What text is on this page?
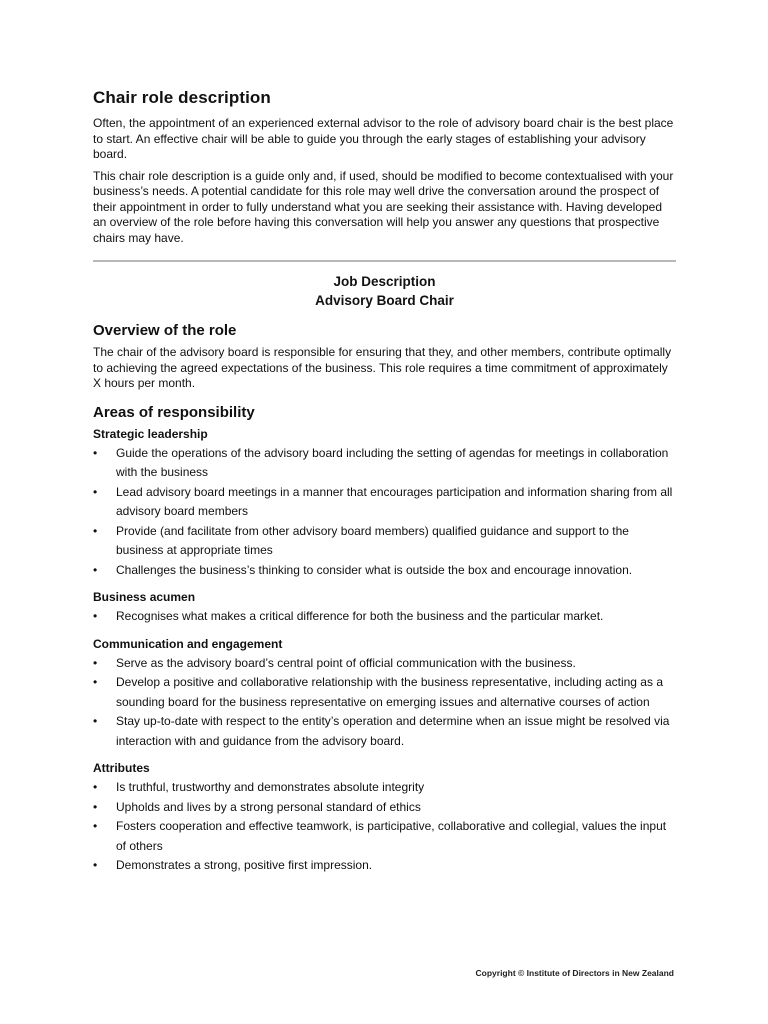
Chair role description

Often, the appointment of an experienced external advisor to the role of advisory board chair is the best place to start. An effective chair will be able to guide you through the early stages of establishing your advisory board.

This chair role description is a guide only and, if used, should be modified to become contextualised with your business’s needs. A potential candidate for this role may well drive the conversation around the prospect of their appointment in order to fully understand what you are seeking their assistance with. Having developed an overview of the role before having this conversation will help you answer any questions that prospective chairs may have.

Job Description
Advisory Board Chair
Overview of the role

The chair of the advisory board is responsible for ensuring that they, and other members, contribute optimally to achieving the agreed expectations of the business. This role requires a time commitment of approximately X hours per month.

Areas of responsibility
Strategic leadership
• Guide the operations of the advisory board including the setting of agendas for meetings in collaboration with the business
• Lead advisory board meetings in a manner that encourages participation and information sharing from all advisory board members
• Provide (and facilitate from other advisory board members) qualified guidance and support to the business at appropriate times
• Challenges the business’s thinking to consider what is outside the box and encourage innovation.
Business acumen
• Recognises what makes a critical difference for both the business and the particular market.
Communication and engagement
• Serve as the advisory board’s central point of official communication with the business.
• Develop a positive and collaborative relationship with the business representative, including acting as a sounding board for the business representative on emerging issues and alternative courses of action
• Stay up-to-date with respect to the entity’s operation and determine when an issue might be resolved via interaction with and guidance from the advisory board.
Attributes
• Is truthful, trustworthy and demonstrates absolute integrity
• Upholds and lives by a strong personal standard of ethics
• Fosters cooperation and effective teamwork, is participative, collaborative and collegial, values the input of others
• Demonstrates a strong, positive first impression.
Copyright © Institute of Directors in New Zealand
